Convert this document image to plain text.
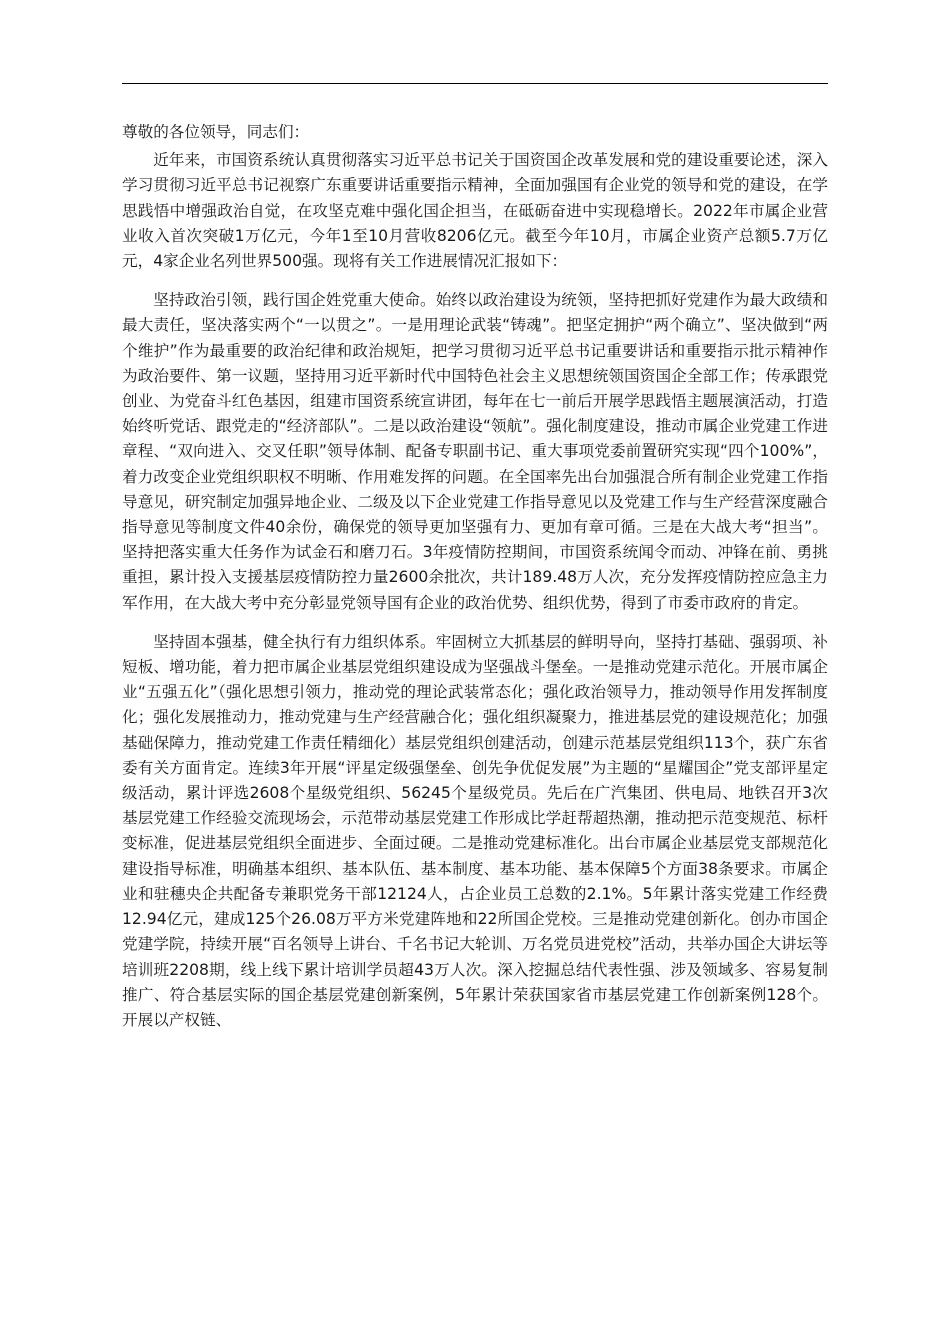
尊敬的各位领导，同志们：

近年来，市国资系统认真贯彻落实习近平总书记关于国资国企改革发展和党的建设重要论述，深入学习贯彻习近平总书记视察广东重要讲话重要指示精神，全面加强国有企业党的领导和党的建设，在学思践悟中增强政治自觉，在攻坚克难中强化国企担当，在砥砺奋进中实现稳增长。2022年市属企业营业收入首次突破1万亿元，今年1至10月营收8206亿元。截至今年10月，市属企业资产总额5.7万亿元，4家企业名列世界500强。现将有关工作进展情况汇报如下：

坚持政治引领，践行国企姓党重大使命。始终以政治建设为统领，坚持把抓好党建作为最大政绩和最大责任，坚决落实两个“一以贯之”。一是用理论武装“铸魂”。把坚定拥护“两个确立”、坚决做到“两个维护”作为最重要的政治纪律和政治规矩，把学习贯彻习近平总书记重要讲话和重要指示批示精神作为政治要件、第一议题，坚持用习近平新时代中国特色社会主义思想统领国资国企全部工作；传承跟党创业、为党奋斗红色基因，组建市国资系统宣讲团，每年在七一前后开展学思践悟主题展演活动，打造始终听党话、跟党走的“经济部队”。二是以政治建设“领航”。强化制度建设，推动市属企业党建工作进章程、“双向进入、交叉任职”领导体制、配备专职副书记、重大事项党委前置研究实现“四个100%”，着力改变企业党组织职权不明晰、作用难发挥的问题。在全国率先出台加强混合所有制企业党建工作指导意见，研究制定加强异地企业、二级及以下企业党建工作指导意见以及党建工作与生产经营深度融合指导意见等制度文件40余份，确保党的领导更加坚强有力、更加有章可循。三是在大战大考“担当”。坚持把落实重大任务作为试金石和磨刀石。3年疫情防控期间，市国资系统闻令而动、冲锋在前、勇挑重担，累计投入支援基层疫情防控力量2600余批次，共计189.48万人次，充分发挥疫情防控应急主力军作用，在大战大考中充分彰显党领导国有企业的政治优势、组织优势，得到了市委市政府的肯定。

坚持固本强基，健全执行有力组织体系。牢固树立大抓基层的鲜明导向，坚持打基础、强弱项、补短板、增功能，着力把市属企业基层党组织建设成为坚强战斗堡垒。一是推动党建示范化。开展市属企业“五强五化”（强化思想引领力，推动党的理论武装常态化；强化政治领导力，推动领导作用发挥制度化；强化发展推动力，推动党建与生产经营融合化；强化组织凝聚力，推进基层党的建设规范化；加强基础保障力，推动党建工作责任精细化）基层党组织创建活动，创建示范基层党组织113个，获广东省委有关方面肯定。连续3年开展“评星定级强堡垒、创先争优促发展”为主题的“星耀国企”党支部评星定级活动，累计评选2608个星级党组织、56245个星级党员。先后在广汽集团、供电局、地铁召开3次基层党建工作经验交流现场会，示范带动基层党建工作形成比学赶帮超热潮，推动把示范变规范、标杆变标准，促进基层党组织全面进步、全面过硬。二是推动党建标准化。出台市属企业基层党支部规范化建设指导标准，明确基本组织、基本队伍、基本制度、基本功能、基本保障5个方面38条要求。市属企业和驻穗央企共配备专兼职党务干部12124人，占企业员工总数的2.1%。5年累计落实党建工作经费12.94亿元，建成125个26.08万平方米党建阵地和22所国企党校。三是推动党建创新化。创办市国企党建学院，持续开展“百名领导上讲台、千名书记大轮训、万名党员进党校”活动，共举办国企大讲坛等培训班2208期，线上线下累计培训学员超43万人次。深入挖掘总结代表性强、涉及领域多、容易复制推广、符合基层实际的国企基层党建创新案例，5年累计荣获国家省市基层党建工作创新案例128个。开展以产权链、
